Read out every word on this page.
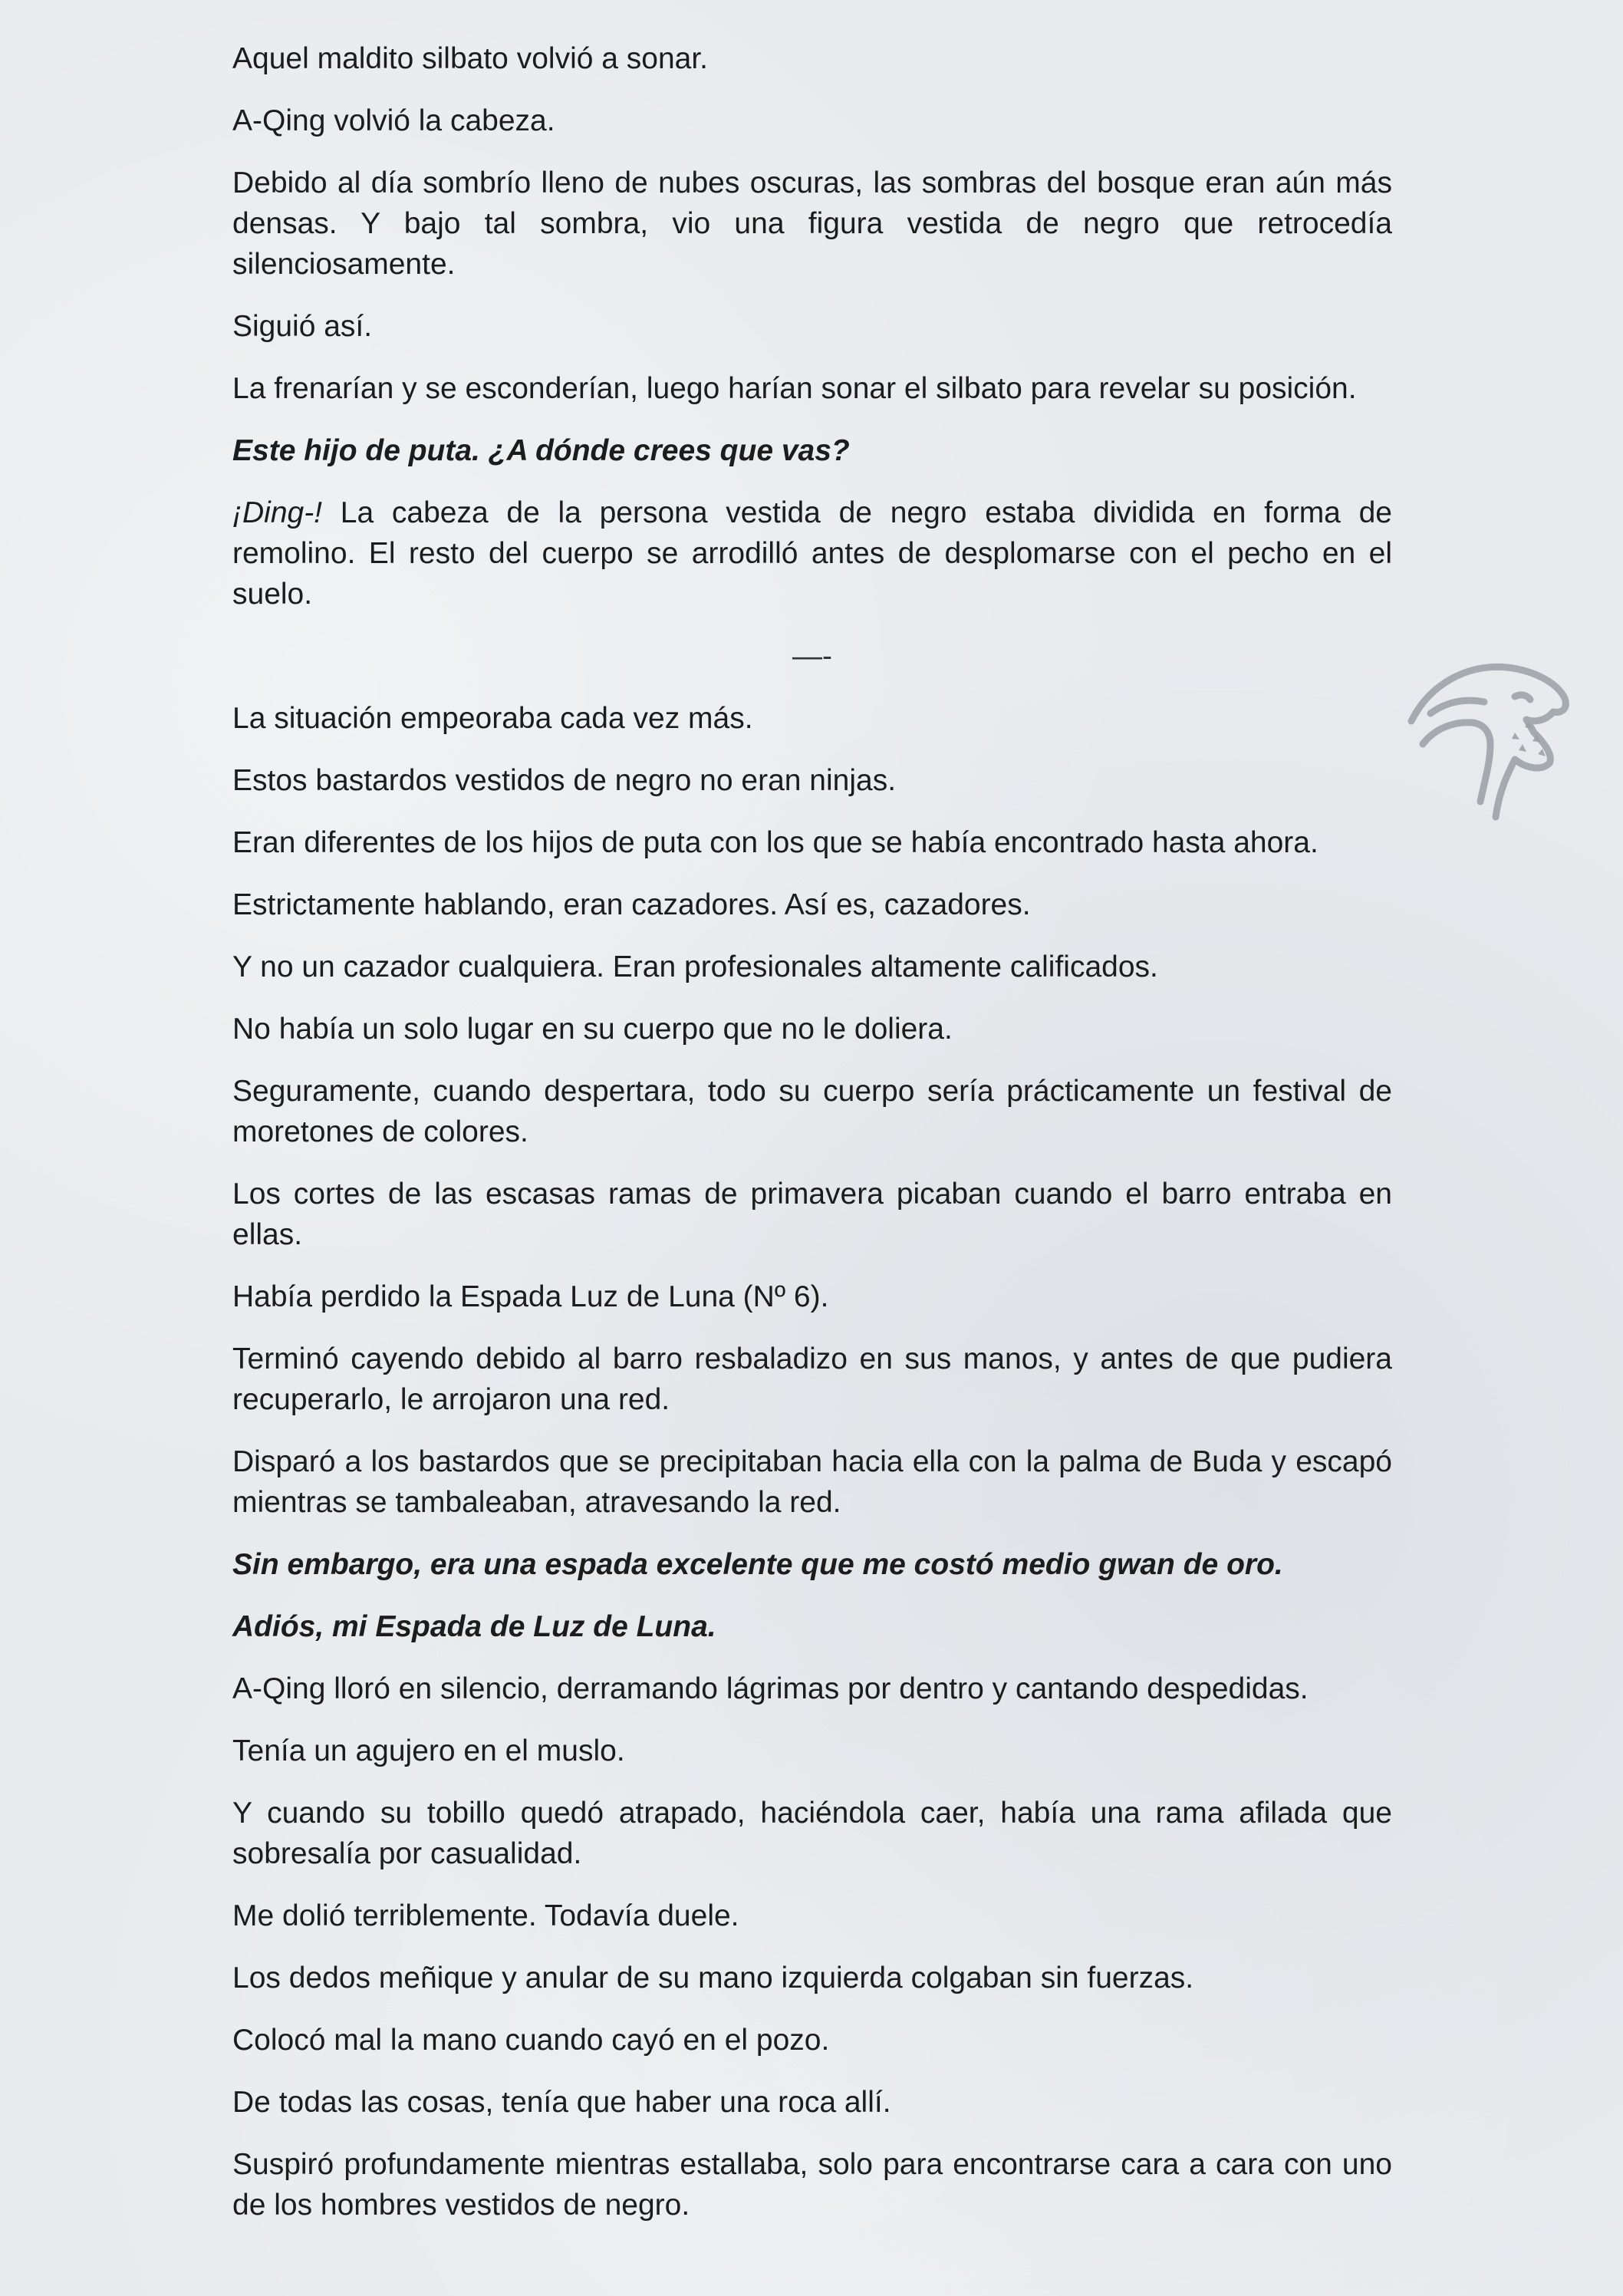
Aquel maldito silbato volvió a sonar.

A-Qing volvió la cabeza.

Debido al día sombrío lleno de nubes oscuras, las sombras del bosque eran aún más densas. Y bajo tal sombra, vio una figura vestida de negro que retrocedía silenciosamente.

Siguió así.

La frenarían y se esconderían, luego harían sonar el silbato para revelar su posición.

Este hijo de puta. ¿A dónde crees que vas?

¡Ding-! La cabeza de la persona vestida de negro estaba dividida en forma de remolino. El resto del cuerpo se arrodilló antes de desplomarse con el pecho en el suelo.

—-

La situación empeoraba cada vez más.

Estos bastardos vestidos de negro no eran ninjas.

Eran diferentes de los hijos de puta con los que se había encontrado hasta ahora.

Estrictamente hablando, eran cazadores. Así es, cazadores.

Y no un cazador cualquiera. Eran profesionales altamente calificados.

No había un solo lugar en su cuerpo que no le doliera.

Seguramente, cuando despertara, todo su cuerpo sería prácticamente un festival de moretones de colores.

Los cortes de las escasas ramas de primavera picaban cuando el barro entraba en ellas.

Había perdido la Espada Luz de Luna (Nº 6).

Terminó cayendo debido al barro resbaladizo en sus manos, y antes de que pudiera recuperarlo, le arrojaron una red.

Disparó a los bastardos que se precipitaban hacia ella con la palma de Buda y escapó mientras se tambaleaban, atravesando la red.

Sin embargo, era una espada excelente que me costó medio gwan de oro.

Adiós, mi Espada de Luz de Luna.

A-Qing lloró en silencio, derramando lágrimas por dentro y cantando despedidas.

Tenía un agujero en el muslo.

Y cuando su tobillo quedó atrapado, haciéndola caer, había una rama afilada que sobresalía por casualidad.

Me dolió terriblemente. Todavía duele.

Los dedos meñique y anular de su mano izquierda colgaban sin fuerzas.

Colocó mal la mano cuando cayó en el pozo.

De todas las cosas, tenía que haber una roca allí.

Suspiró profundamente mientras estallaba, solo para encontrarse cara a cara con uno de los hombres vestidos de negro.
